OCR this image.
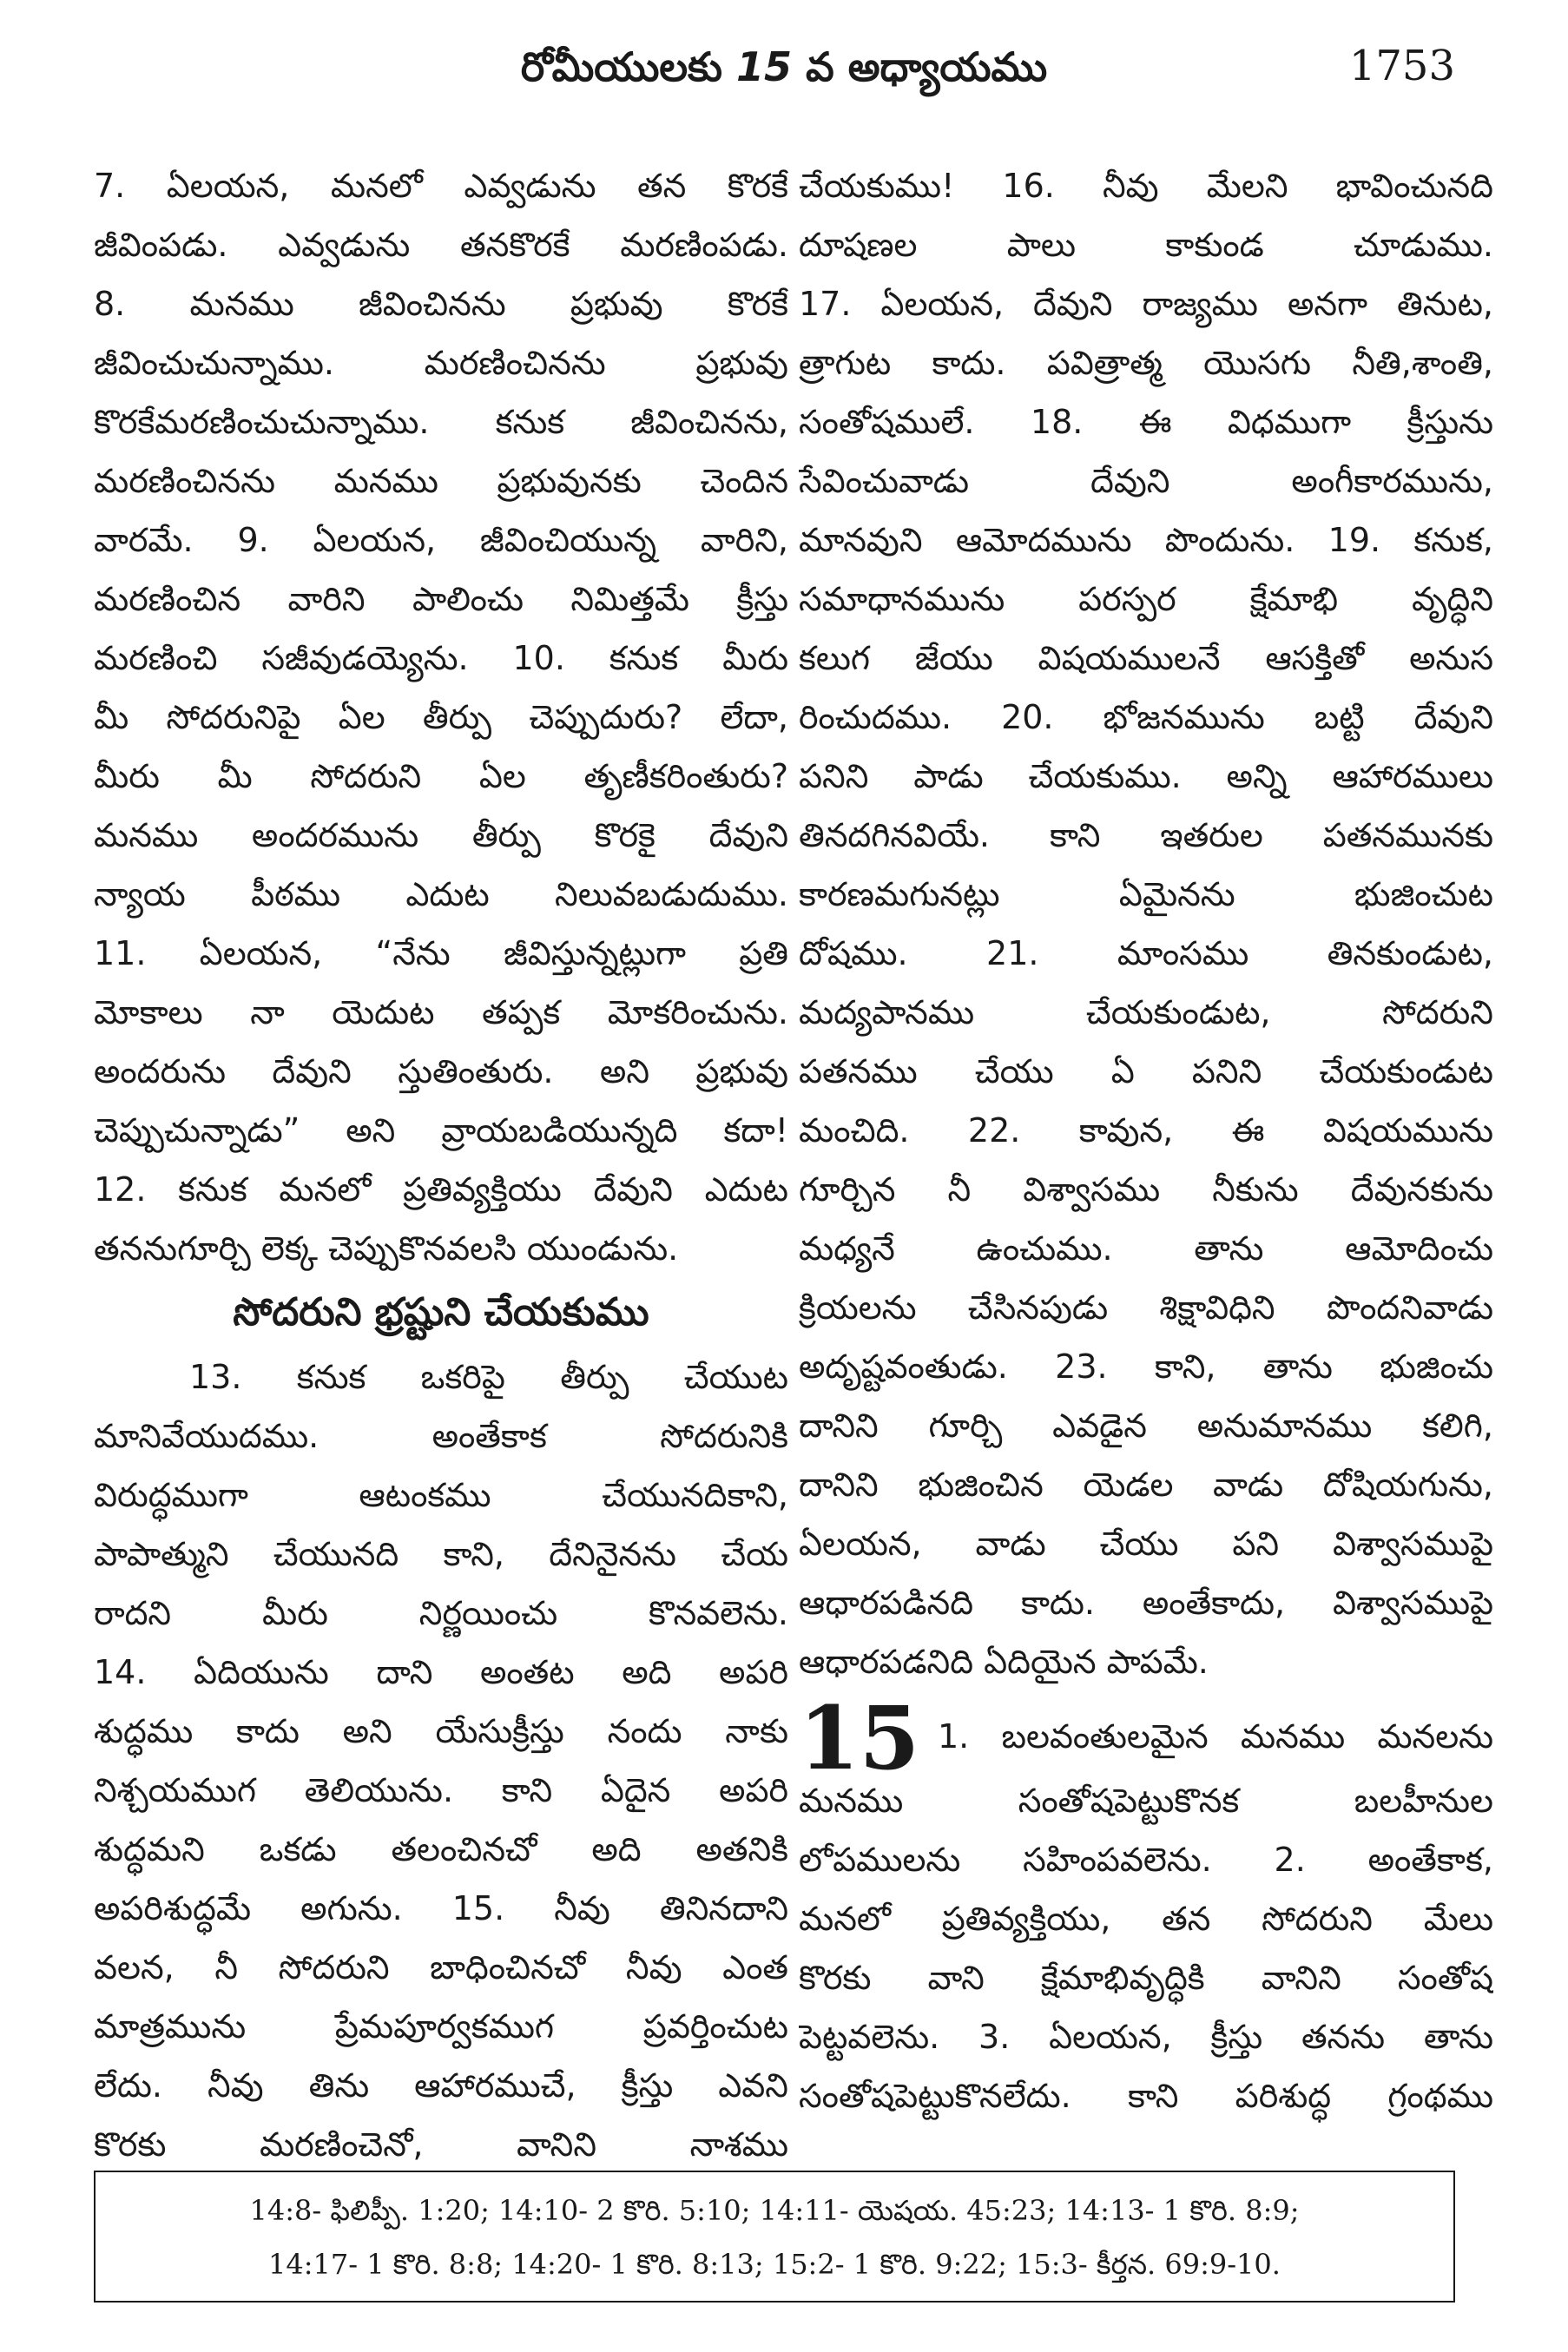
రోమీయులకు 15 వ అధ్యాయము	1753
7. ఏలయన, మనలో ఎవ్వడును తన కొరకే
జీవింపడు. ఎవ్వడును తనకొరకే మరణింపడు.
8. మనము జీవించినను ప్రభువు కొరకే
జీవించుచున్నాము. మరణించినను ప్రభువు
కొరకేమరణించుచున్నాము. కనుక జీవించినను,
మరణించినను మనము ప్రభువునకు చెందిన
వారమే. 9. ఏలయన, జీవించియున్న వారిని,
మరణించిన వారిని పాలించు నిమిత్తమే క్రీస్తు
మరణించి సజీవుడయ్యెను. 10. కనుక మీరు
మీ సోదరునిపై ఏల తీర్పు చెప్పుదురు? లేదా,
మీరు మీ సోదరుని ఏల తృణీకరింతురు?
మనము అందరమును తీర్పు కొరకై దేవుని
న్యాయ పీఠము ఎదుట నిలువబడుదుము.
11. ఏలయన, “నేను జీవిస్తున్నట్లుగా ప్రతి
మోకాలు నా యెదుట తప్పక మోకరించును.
అందరును దేవుని స్తుతింతురు. అని ప్రభువు
చెప్పుచున్నాడు” అని వ్రాయబడియున్నది కదా!
12. కనుక మనలో ప్రతివ్యక్తియు దేవుని ఎదుట
తననుగూర్చి లెక్క చెప్పుకొనవలసి యుండును.
సోదరుని భ్రష్టుని చేయకుము
13. కనుక ఒకరిపై తీర్పు చేయుట
మానివేయుదము. అంతేకాక సోదరునికి
విరుద్ధముగా ఆటంకము చేయునదికాని,
పాపాత్ముని చేయునది కాని, దేనినైనను చేయ
రాదని మీరు నిర్ణయించు కొనవలెను.
14. ఏదియును దాని అంతట అది అపరి
శుద్ధము కాదు అని యేసుక్రీస్తు నందు నాకు
నిశ్చయముగ తెలియును. కాని ఏదైన అపరి
శుద్ధమని ఒకడు తలంచినచో అది అతనికి
అపరిశుద్ధమే అగును. 15. నీవు తినినదాని
వలన, నీ సోదరుని బాధించినచో నీవు ఎంత
మాత్రమును ప్రేమపూర్వకముగ ప్రవర్తించుట
లేదు. నీవు తిను ఆహారముచే, క్రీస్తు ఎవని
కొరకు మరణించెనో, వానిని నాశము
చేయకుము! 16. నీవు మేలని భావించునది
దూషణల పాలు కాకుండ చూడుము.
17. ఏలయన, దేవుని రాజ్యము అనగా తినుట,
త్రాగుట కాదు. పవిత్రాత్మ యొసగు నీతి,శాంతి,
సంతోషములే. 18. ఈ విధముగా క్రీస్తును
సేవించువాడు దేవుని అంగీకారమును,
మానవుని ఆమోదమును పొందును. 19. కనుక,
సమాధానమును పరస్పర క్షేమాభి వృద్ధిని
కలుగ జేయు విషయములనే ఆసక్తితో అనుస
రించుదము. 20. భోజనమును బట్టి దేవుని
పనిని పాడు చేయకుము. అన్ని ఆహారములు
తినదగినవియే. కాని ఇతరుల పతనమునకు
కారణమగునట్లు ఏమైనను భుజించుట
దోషము. 21. మాంసము తినకుండుట,
మద్యపానము చేయకుండుట, సోదరుని
పతనము చేయు ఏ పనిని చేయకుండుట
మంచిది. 22. కావున, ఈ విషయమును
గూర్చిన నీ విశ్వాసము నీకును దేవునకును
మధ్యనే ఉంచుము. తాను ఆమోదించు
క్రియలను చేసినపుడు శిక్షావిధిని పొందనివాడు
అదృష్టవంతుడు. 23. కాని, తాను భుజించు
దానిని గూర్చి ఎవడైన అనుమానము కలిగి,
దానిని భుజించిన యెడల వాడు దోషియగును,
ఏలయన, వాడు చేయు పని విశ్వాసముపై
ఆధారపడినది కాదు. అంతేకాదు, విశ్వాసముపై
ఆధారపడనిది ఏదియైన పాపమే.
15 1. బలవంతులమైన మనము మనలను
మనము సంతోషపెట్టుకొనక బలహీనుల
లోపములను సహింపవలెను. 2. అంతేకాక,
మనలో ప్రతివ్యక్తియు, తన సోదరుని మేలు
కొరకు వాని క్షేమాభివృద్ధికి వానిని సంతోష
పెట్టవలెను. 3. ఏలయన, క్రీస్తు తనను తాను
సంతోషపెట్టుకొనలేదు. కాని పరిశుద్ధ గ్రంథము
14:8- ఫిలిప్పీ. 1:20; 14:10- 2 కొరి. 5:10; 14:11- యెషయ. 45:23; 14:13- 1 కొరి. 8:9;
14:17- 1 కొరి. 8:8; 14:20- 1 కొరి. 8:13; 15:2- 1 కొరి. 9:22; 15:3- కీర్తన. 69:9-10.
